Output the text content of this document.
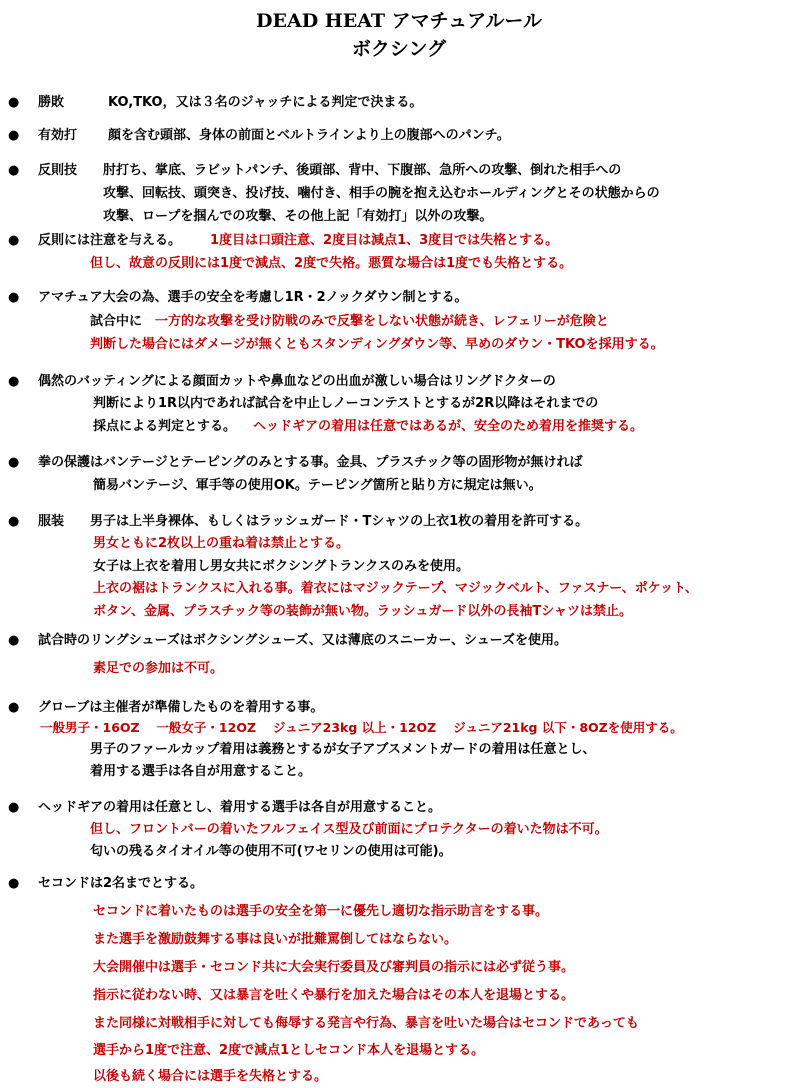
DEAD HEAT アマチュアルール
ボクシング
● 勝敗	KO,TKO，又は３名のジャッチによる判定で決まる。
● 有効打 顔を含む頭部、身体の前面とベルトラインより上の腹部へのパンチ。
● 反則技 肘打ち、掌底、ラビットパンチ、後頭部、背中、下腹部、急所への攻撃、倒れた相手への
攻撃、回転技、頭突き、投げ技、噛付き、相手の腕を抱え込むホールディングとその状態からの
攻撃、ロープを掴んでの攻撃、その他上記「有効打」以外の攻撃。
● 反則には注意を与える。 1度目は口頭注意、2度目は減点1、3度目では失格とする。
但し、故意の反則には1度で減点、2度で失格。悪質な場合は1度でも失格とする。
● アマチュア大会の為、選手の安全を考慮し1R・2ノックダウン制とする。
試合中に 一方的な攻撃を受け防戦のみで反撃をしない状態が続き、レフェリーが危険と
判断した場合にはダメージが無くともスタンディングダウン等、早めのダウン・TKOを採用する。
● 偶然のバッティングによる顔面カットや鼻血などの出血が激しい場合はリングドクターの
判断により1R以内であれば試合を中止しノーコンテストとするが2R以降はそれまでの
採点による判定とする。 ヘッドギアの着用は任意ではあるが、安全のため着用を推奨する。
● 拳の保護はバンテージとテーピングのみとする事。金具、プラスチック等の固形物が無ければ
簡易バンテージ、軍手等の使用OK。テーピング箇所と貼り方に規定は無い。
● 服装 男子は上半身裸体、もしくはラッシュガード・Tシャツの上衣1枚の着用を許可する。
男女ともに2枚以上の重ね着は禁止とする。
女子は上衣を着用し男女共にボクシングトランクスのみを使用。
上衣の裾はトランクスに入れる事。着衣にはマジックテープ、マジックベルト、ファスナー、ポケット、
ボタン、金属、プラスチック等の装飾が無い物。ラッシュガード以外の長袖Tシャツは禁止。
● 試合時のリングシューズはボクシングシューズ、又は薄底のスニーカー、シューズを使用。
素足での参加は不可。
● グローブは主催者が準備したものを着用する事。
一般男子・16OZ　 一般女子・12OZ　 ジュニア23kg 以上・12OZ　 ジュニア21kg 以下・8OZを使用する。
男子のファールカップ着用は義務とするが女子アブスメントガードの着用は任意とし、
着用する選手は各自が用意すること。
● ヘッドギアの着用は任意とし、着用する選手は各自が用意すること。
但し、フロントバーの着いたフルフェイス型及び前面にプロテクターの着いた物は不可。
匂いの残るタイオイル等の使用不可(ワセリンの使用は可能)。
● セコンドは2名までとする。
セコンドに着いたものは選手の安全を第一に優先し適切な指示助言をする事。
また選手を激励鼓舞する事は良いが批難罵倒してはならない。
大会開催中は選手・セコンド共に大会実行委員及び審判員の指示には必ず従う事。
指示に従わない時、又は暴言を吐くや暴行を加えた場合はその本人を退場とする。
また同様に対戦相手に対しても侮辱する発言や行為、暴言を吐いた場合はセコンドであっても
選手から1度で注意、2度で減点1としセコンド本人を退場とする。
以後も続く場合には選手を失格とする。
